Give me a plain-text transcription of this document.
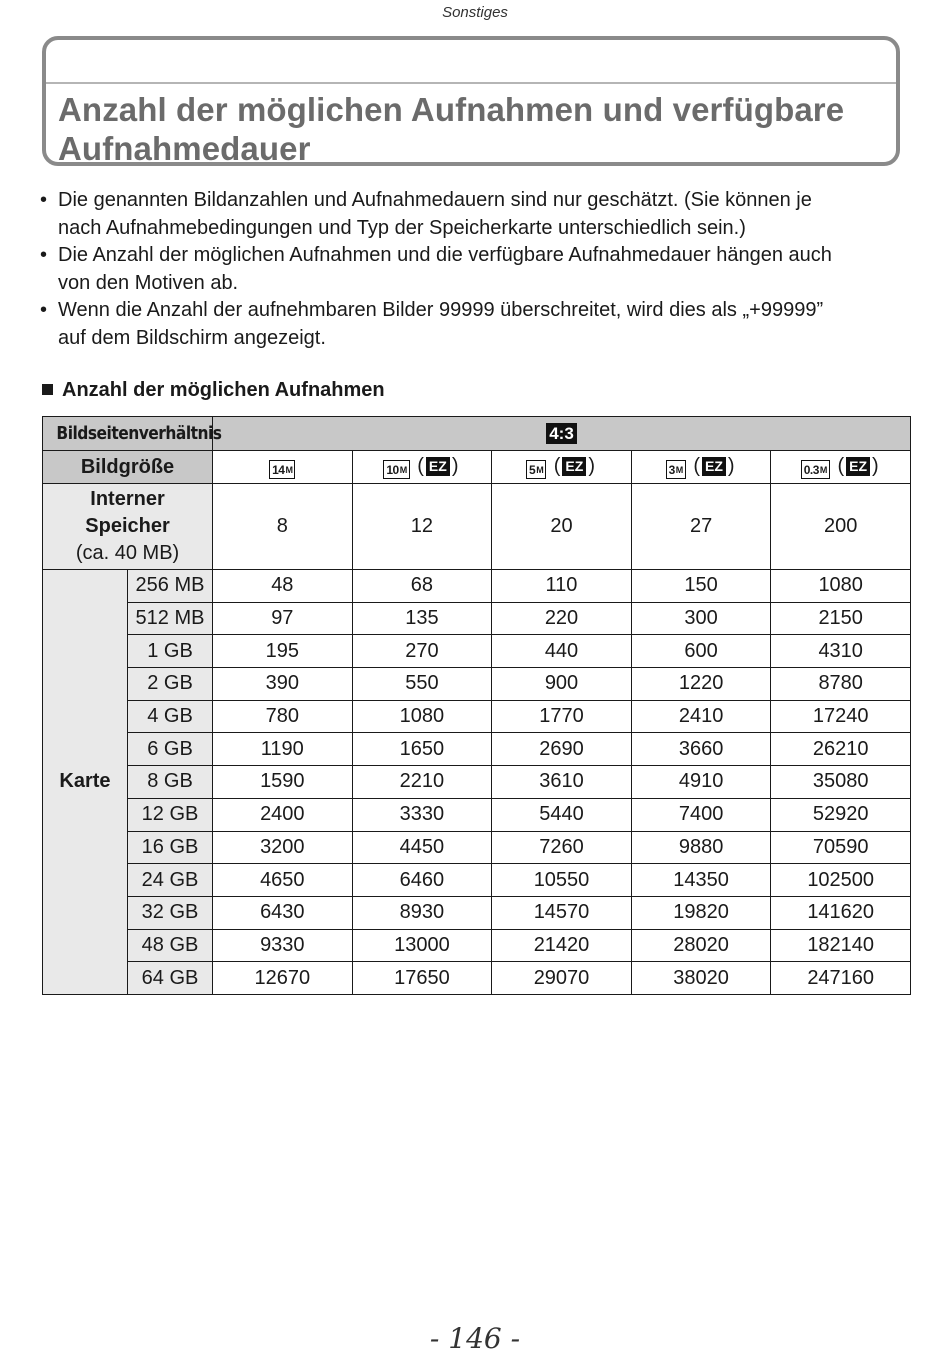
Sonstiges
Anzahl der möglichen Aufnahmen und verfügbare
Aufnahmedauer
• Die genannten Bildanzahlen und Aufnahmedauern sind nur geschätzt. (Sie können je
nach Aufnahmebedingungen und Typ der Speicherkarte unterschiedlich sein.)
• Die Anzahl der möglichen Aufnahmen und die verfügbare Aufnahmedauer hängen auch
von den Motiven ab.
• Wenn die Anzahl der aufnehmbaren Bilder 99999 überschreitet, wird dies als „+99999”
auf dem Bildschirm angezeigt.
Anzahl der möglichen Aufnahmen
Bildseitenverhältnis		4:3				
Bildgröße		14 M	10 M ( EZ )	5 M ( EZ )	3 M ( EZ )	0.3 M ( EZ )
Interner
Speicher
(ca. 40 MB)		8	12	20	27	200
Karte	256 MB	48	68	110	150	1080
	512 MB	97	135	220	300	2150
	1 GB	195	270	440	600	4310
	2 GB	390	550	900	1220	8780
	4 GB	780	1080	1770	2410	17240
	6 GB	1190	1650	2690	3660	26210
	8 GB	1590	2210	3610	4910	35080
	12 GB	2400	3330	5440	7400	52920
	16 GB	3200	4450	7260	9880	70590
	24 GB	4650	6460	10550	14350	102500
	32 GB	6430	8930	14570	19820	141620
	48 GB	9330	13000	21420	28020	182140
	64 GB	12670	17650	29070	38020	247160
- 146 -
